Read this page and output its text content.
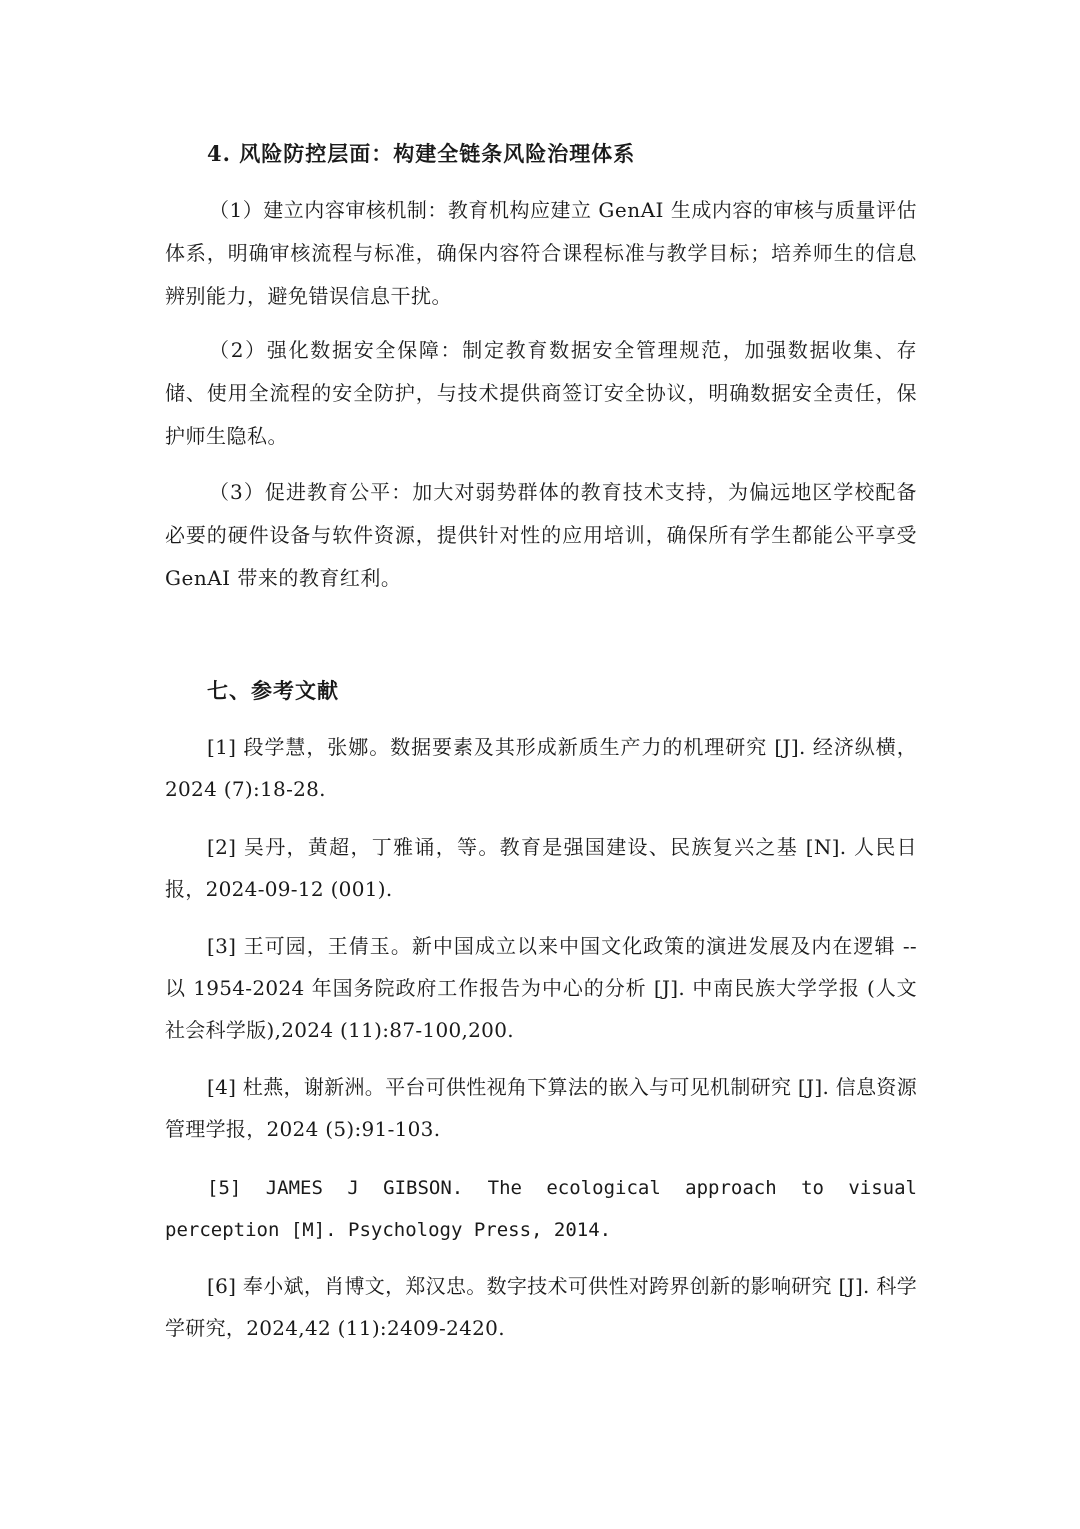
4. 风险防控层面：构建全链条风险治理体系
（1）建立内容审核机制：教育机构应建立 GenAI 生成内容的审核与质量评估体系，明确审核流程与标准，确保内容符合课程标准与教学目标；培养师生的信息辨别能力，避免错误信息干扰。
（2）强化数据安全保障：制定教育数据安全管理规范，加强数据收集、存储、使用全流程的安全防护，与技术提供商签订安全协议，明确数据安全责任，保护师生隐私。
（3）促进教育公平：加大对弱势群体的教育技术支持，为偏远地区学校配备必要的硬件设备与软件资源，提供针对性的应用培训，确保所有学生都能公平享受 GenAI 带来的教育红利。
七、参考文献
[1] 段学慧，张娜。数据要素及其形成新质生产力的机理研究 [J]. 经济纵横，2024 (7):18-28.
[2] 吴丹，黄超，丁雅诵，等。教育是强国建设、民族复兴之基 [N]. 人民日报，2024-09-12 (001).
[3] 王可园，王倩玉。新中国成立以来中国文化政策的演进发展及内在逻辑 -- 以 1954-2024 年国务院政府工作报告为中心的分析 [J]. 中南民族大学学报 (人文社会科学版),2024 (11):87-100,200.
[4] 杜燕，谢新洲。平台可供性视角下算法的嵌入与可见机制研究 [J]. 信息资源管理学报，2024 (5):91-103.
[5] JAMES J GIBSON. The ecological approach to visual perception [M]. Psychology Press, 2014.
[6] 奉小斌，肖博文，郑汉忠。数字技术可供性对跨界创新的影响研究 [J]. 科学学研究，2024,42 (11):2409-2420.
